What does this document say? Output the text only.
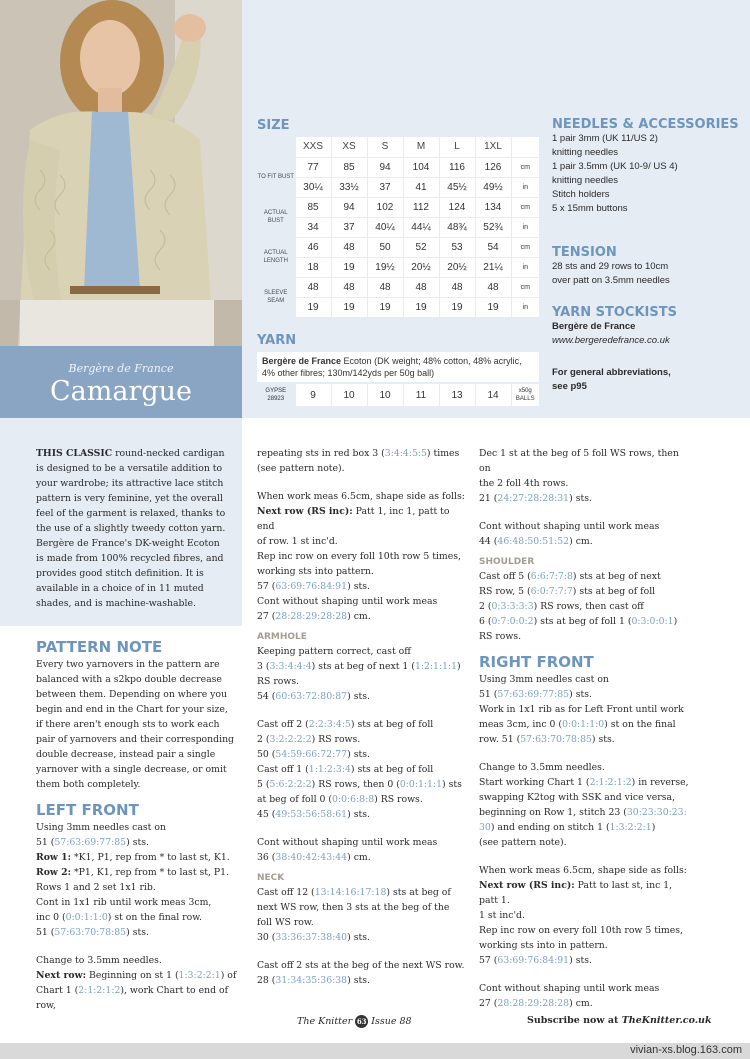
Bergère de France
Camargue
SIZE
	XXS	XS	S	M	L	1XL	
TO FIT BUST	77	85	94	104	116	126	cm
	30¼	33½	37	41	45½	49½	in
ACTUAL BUST	85	94	102	112	124	134	cm
	34	37	40¼	44¼	48¾	52¾	in
ACTUAL LENGTH	46	48	50	52	53	54	cm
	18	19	19½	20½	20½	21¼	in
SLEEVE SEAM	48	48	48	48	48	48	cm
	19	19	19	19	19	19	in
YARN
Bergère de France Ecoton (DK weight; 48% cotton, 48% acrylic, 4% other fibres; 130m/142yds per 50g ball)
GYPSE 28923	9	10	10	11	13	14	x50g BALLS
NEEDLES & ACCESSORIES
1 pair 3mm (UK 11/US 2)
knitting needles
1 pair 3.5mm (UK 10-9/ US 4)
knitting needles
Stitch holders
5 x 15mm buttons
TENSION
28 sts and 29 rows to 10cm
over patt on 3.5mm needles
YARN STOCKISTS
Bergère de France
www.bergeredefrance.co.uk
For general abbreviations,
see p95

THIS CLASSIC round-necked cardigan

is designed to be a versatile addition to

your wardrobe; its attractive lace stitch

pattern is very feminine, yet the overall

feel of the garment is relaxed, thanks to

the use of a slightly tweedy cotton yarn.

Bergère de France's DK-weight Ecoton

is made from 100% recycled fibres, and

provides good stitch definition. It is

available in a choice of in 11 muted

shades, and is machine-washable.

PATTERN NOTE

Every two yarnovers in the pattern are

balanced with a s2kpo double decrease

between them. Depending on where you

begin and end in the Chart for your size,

if there aren't enough sts to work each

pair of yarnovers and their corresponding

double decrease, instead pair a single

yarnover with a single decrease, or omit

them both completely.

LEFT FRONT

Using 3mm needles cast on

51 (57:63:69:77:85) sts.

Row 1: *K1, P1, rep from * to last st, K1.

Row 2: *P1, K1, rep from * to last st, P1.

Rows 1 and 2 set 1x1 rib.

Cont in 1x1 rib until work meas 3cm,

inc 0 (0:0:1:1:0) st on the final row.

51 (57:63:70:78:85) sts.

Change to 3.5mm needles.

Next row: Beginning on st 1 (1:3:2:2:1) of

Chart 1 (2:1:2:1:2), work Chart to end of row,

repeating sts in red box 3 (3:4:4:5:5) times

(see pattern note).

When work meas 6.5cm, shape side as folls:

Next row (RS inc): Patt 1, inc 1, patt to end

of row. 1 st inc'd.

Rep inc row on every foll 10th row 5 times,

working sts into pattern.

57 (63:69:76:84:91) sts.

Cont without shaping until work meas

27 (28:28:29:28:28) cm.

ARMHOLE

Keeping pattern correct, cast off

3 (3:3:4:4:4) sts at beg of next 1 (1:2:1:1:1)

RS rows.

54 (60:63:72:80:87) sts.

Cast off 2 (2:2:3:4:5) sts at beg of foll

2 (3:2:2:2:2) RS rows.

50 (54:59:66:72:77) sts.

Cast off 1 (1:1:2:3:4) sts at beg of foll

5 (5:6:2:2:2) RS rows, then 0 (0:0:1:1:1) sts

at beg of foll 0 (0:0:6:8:8) RS rows.

45 (49:53:56:58:61) sts.

Cont without shaping until work meas

36 (38:40:42:43:44) cm.

NECK

Cast off 12 (13:14:16:17:18) sts at beg of

next WS row, then 3 sts at the beg of the

foll WS row.

30 (33:36:37:38:40) sts.

Cast off 2 sts at the beg of the next WS row.

28 (31:34:35:36:38) sts.

Dec 1 st at the beg of 5 foll WS rows, then on

the 2 foll 4th rows.

21 (24:27:28:28:31) sts.

Cont without shaping until work meas

44 (46:48:50:51:52) cm.

SHOULDER

Cast off 5 (6:6:7:7:8) sts at beg of next

RS row, 5 (6:0:7:7:7) sts at beg of foll

2 (0:3:3:3:3) RS rows, then cast off

6 (0:7:0:0:2) sts at beg of foll 1 (0:3:0:0:1)

RS rows.

RIGHT FRONT

Using 3mm needles cast on

51 (57:63:69:77:85) sts.

Work in 1x1 rib as for Left Front until work

meas 3cm, inc 0 (0:0:1:1:0) st on the final

row. 51 (57:63:70:78:85) sts.

Change to 3.5mm needles.

Start working Chart 1 (2:1:2:1:2) in reverse,

swapping K2tog with SSK and vice versa,

beginning on Row 1, stitch 23 (30:23:30:23:

30) and ending on stitch 1 (1:3:2:2:1)

(see pattern note).

When work meas 6.5cm, shape side as folls:

Next row (RS inc): Patt to last st, inc 1, patt 1.

1 st inc'd.

Rep inc row on every foll 10th row 5 times,

working sts into in pattern.

57 (63:69:76:84:91) sts.

Cont without shaping until work meas

27 (28:28:29:28:28) cm.

The Knitter 63 Issue 88	Subscribe now at TheKnitter.co.uk
vivian-xs.blog.163.com
